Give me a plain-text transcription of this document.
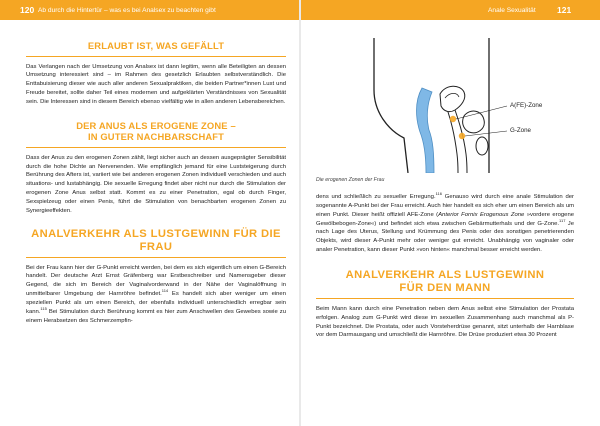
120 Ab durch die Hintertür – was es bei Analsex zu beachten gibt	Anale Sexualität	121
ERLAUBT IST, WAS GEFÄLLT

Das Verlangen nach der Umsetzung von Analsex ist dann legitim, wenn alle Beteiligten an dessen Umsetzung interessiert sind – im Rahmen des gesetzlich Erlaubten selbstverständlich. Die Enttabuisierung dieser wie auch aller anderen Sexualpraktiken, die beiden Partner*innen Lust und Freude bereitet, sollte daher Teil eines modernen und aufgeklärten Verständnisses von Sexualität sein. Die Interessen sind in diesem Bereich ebenso vielfältig wie in allen anderen Lebensbereichen.

DER ANUS ALS EROGENE ZONE –
IN GUTER NACHBARSCHAFT

Dass der Anus zu den erogenen Zonen zählt, liegt sicher auch an dessen ausgeprägter Sensibilität durch die hohe Dichte an Nervenenden. Wie empfänglich jemand für eine Luststeigerung durch Berührung des Afters ist, variiert wie bei anderen erogenen Zonen individuell verschieden und auch situations- und lustabhängig. Die sexuelle Erregung findet aber nicht nur durch die Stimulation der erogenen Zone Anus selbst statt. Kommt es zu einer Penetration, egal ob durch Finger, Sexspielzeug oder einen Penis, führt die Stimulation von benachbarten erogenen Zonen zu Synergieeffekten.

ANALVERKEHR ALS LUSTGEWINN FÜR DIE FRAU

Bei der Frau kann hier der G-Punkt erreicht werden, bei dem es sich eigentlich um einen G-Bereich handelt. Der deutsche Arzt Ernst Gräfenberg war Erstbeschreiber und Namensgeber dieser Gegend, die sich im Bereich der Vaginalvorderwand in der Nähe der Vaginalöffnung in unmittelbarer Umgebung der Harnröhre befindet.$^{114}$ Es handelt sich aber weniger um einen speziellen Punkt als um einen Bereich, der ebenfalls individuell unterschiedlich erregbar sein kann.$^{115}$ Bei Stimulation durch Berührung kommt es hier zum Anschwellen des Gewebes sowie zu einem Herabsetzen des Schmerzempfin-

A(FE)-Zone
G-Zone
Die erogenen Zonen der Frau

dens und schließlich zu sexueller Erregung.$^{116}$ Genauso wird durch eine anale Stimulation der sogenannte A-Punkt bei der Frau erreicht. Auch hier handelt es sich eher um einen Bereich als um einen Punkt. Dieser heißt offiziell AFE-Zone (Anterior Fornix Erogenous Zone »vordere erogene Gewölbebogen-Zone«) und befindet sich etwa zwischen Gebärmutterhals und der G-Zone.$^{117}$ Je nach Lage des Uterus, Stellung und Krümmung des Penis oder des sonstigen penetrierenden Objekts, wird dieser A-Punkt mehr oder weniger gut erreicht. Unabhängig von vaginaler oder analer Penetration, kann dieser Punkt »von hinten« manchmal besser erreicht werden.

ANALVERKEHR ALS LUSTGEWINN
FÜR DEN MANN

Beim Mann kann durch eine Penetration neben dem Anus selbst eine Stimulation der Prostata erfolgen. Analog zum G-Punkt wird diese im sexuellen Zusammenhang auch manchmal als P-Punkt bezeichnet. Die Prostata, oder auch Vorsteherdrüse genannt, sitzt unterhalb der Harnblase vor dem Darmausgang und umschließt die Harnröhre. Die Drüse produziert etwa 30 Prozent
